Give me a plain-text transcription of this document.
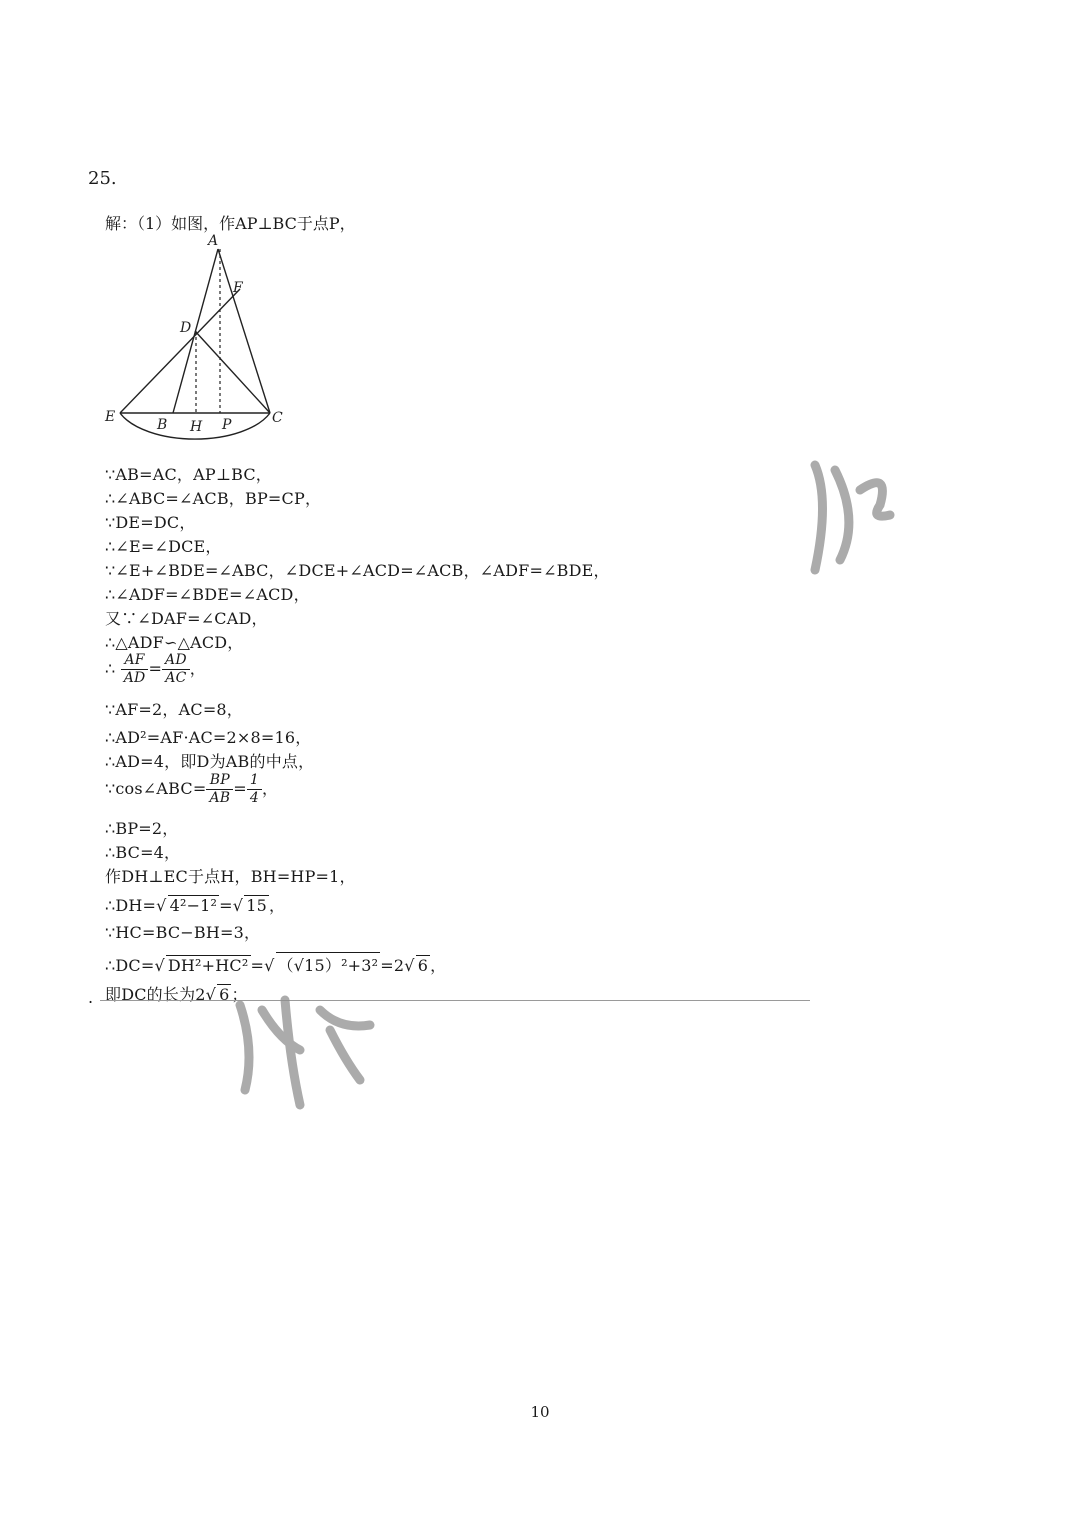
25.
解：（1）如图，作AP⊥BC于点P，
A
F
D
E	B H P	C
∵AB=AC，AP⊥BC，
∴∠ABC=∠ACB，BP=CP，
∵DE=DC，
∴∠E=∠DCE，
∵∠E+∠BDE=∠ABC，∠DCE+∠ACD=∠ACB，∠ADF=∠BDE，
∴∠ADF=∠BDE=∠ACD，
又∵∠DAF=∠CAD，
∴△ADF∽△ACD，
∴ $\frac{AF}{AD} = \frac{AD}{AC}$ ，
∵AF=2，AC=8，
∴AD²=AF·AC=2×8=16，
∴AD=4，即D为AB的中点，
∵cos∠ABC= $\frac{BP}{AB} = \frac{1}{4}$ ，
∴BP=2，
∴BC=4，
作DH⊥EC于点H，BH=HP=1，
∴DH=√ 4²−1² =√ 15 ，
∵HC=BC−BH=3，
∴DC=√ DH²+HC² =√ （√15）²+3² =2√ 6 ，
即DC的长为2√ 6 ；
.
10
